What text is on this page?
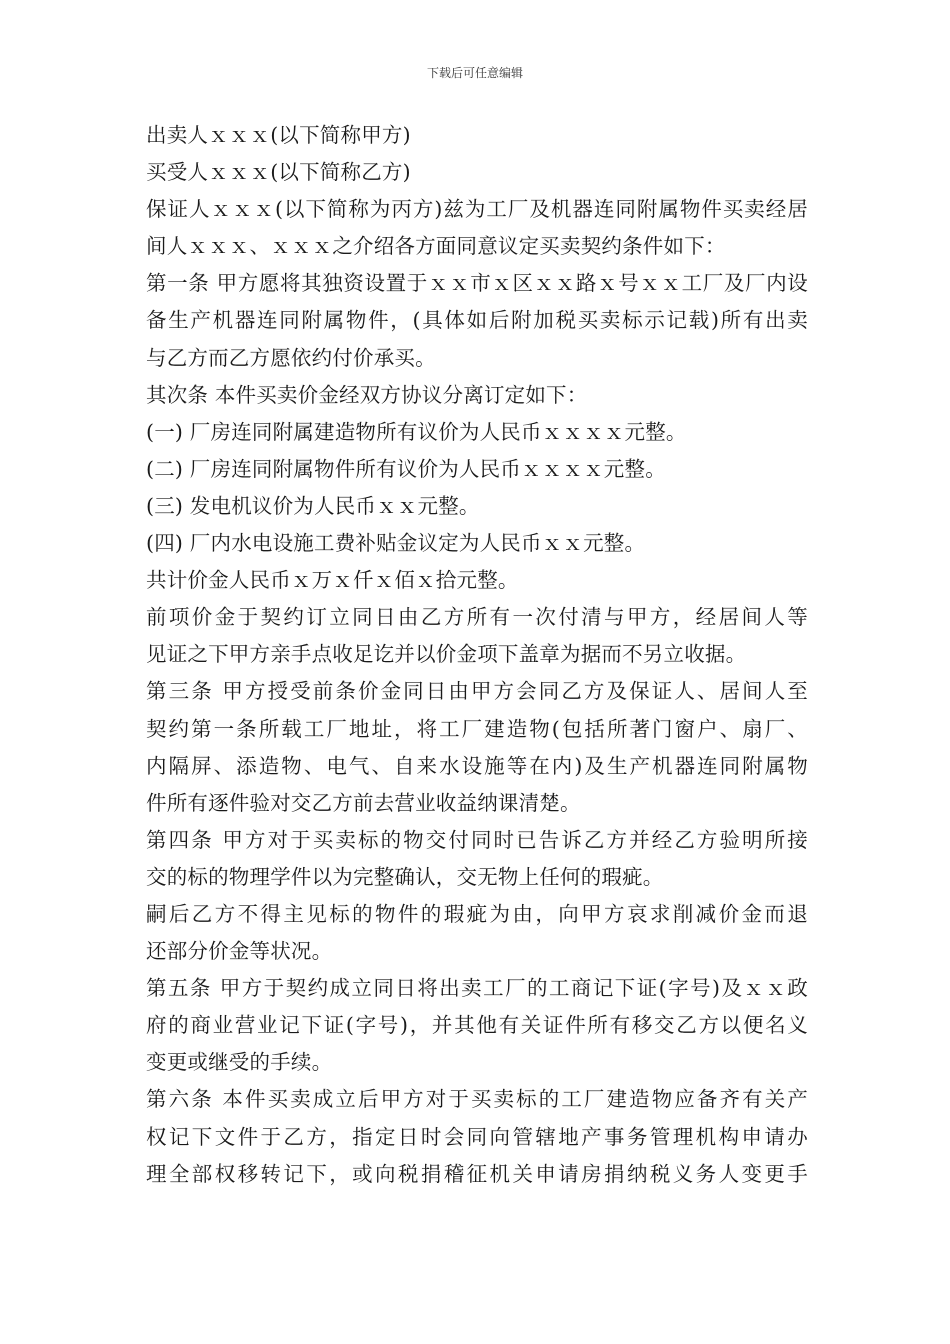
下载后可任意编辑
出卖人ｘｘｘ(以下简称甲方)
买受人ｘｘｘ(以下简称乙方)
保证人ｘｘｘ(以下简称为丙方)兹为工厂及机器连同附属物件买卖经居
间人ｘｘｘ、ｘｘｘ之介绍各方面同意议定买卖契约条件如下：
第一条 甲方愿将其独资设置于ｘｘ市ｘ区ｘｘ路ｘ号ｘｘ工厂及厂内设
备生产机器连同附属物件，(具体如后附加税买卖标示记载)所有出卖
与乙方而乙方愿依约付价承买。
其次条 本件买卖价金经双方协议分离订定如下：
(一) 厂房连同附属建造物所有议价为人民币ｘｘｘｘ元整。
(二) 厂房连同附属物件所有议价为人民币ｘｘｘｘ元整。
(三) 发电机议价为人民币ｘｘ元整。
(四) 厂内水电设施工费补贴金议定为人民币ｘｘ元整。
共计价金人民币ｘ万ｘ仟ｘ佰ｘ拾元整。
前项价金于契约订立同日由乙方所有一次付清与甲方，经居间人等
见证之下甲方亲手点收足讫并以价金项下盖章为据而不另立收据。
第三条 甲方授受前条价金同日由甲方会同乙方及保证人、居间人至
契约第一条所载工厂地址，将工厂建造物(包括所著门窗户、扇厂、
内隔屏、添造物、电气、自来水设施等在内)及生产机器连同附属物
件所有逐件验对交乙方前去营业收益纳课清楚。
第四条 甲方对于买卖标的物交付同时已告诉乙方并经乙方验明所接
交的标的物理学件以为完整确认，交无物上任何的瑕疵。
嗣后乙方不得主见标的物件的瑕疵为由，向甲方哀求削减价金而退
还部分价金等状况。
第五条 甲方于契约成立同日将出卖工厂的工商记下证(字号)及ｘｘ政
府的商业营业记下证(字号)，并其他有关证件所有移交乙方以便名义
变更或继受的手续。
第六条 本件买卖成立后甲方对于买卖标的工厂建造物应备齐有关产
权记下文件于乙方，指定日时会同向管辖地产事务管理机构申请办
理全部权移转记下，或向税捐稽征机关申请房捐纳税义务人变更手
